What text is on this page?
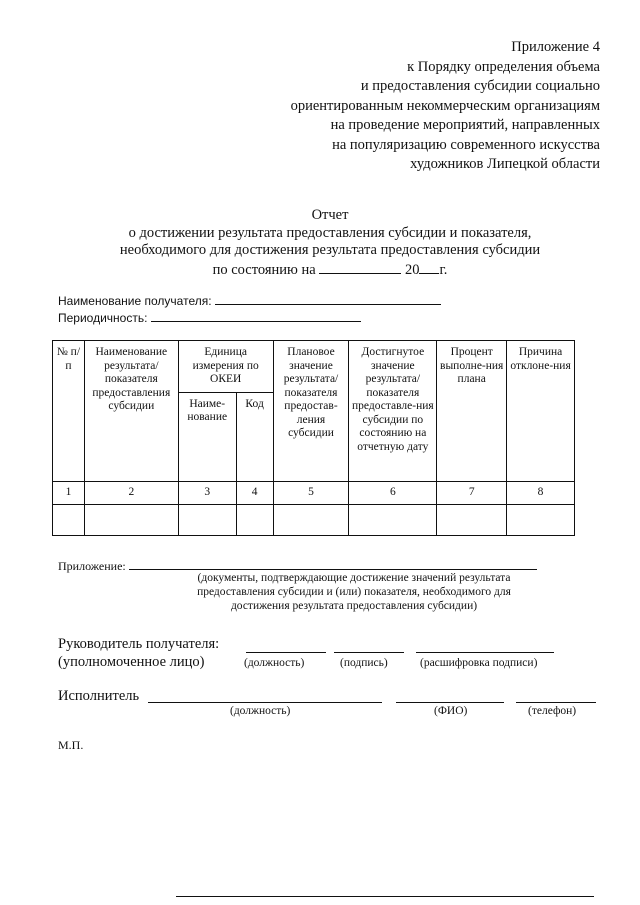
Приложение 4
к Порядку определения объема
и предоставления субсидии социально
ориентированным некоммерческим организациям
на проведение мероприятий, направленных
на популяризацию современного искусства
художников Липецкой области
Отчет
о достижении результата предоставления субсидии и показателя,
необходимого для достижения результата предоставления субсидии
по состоянию на	20 г.
Наименование получателя:
Периодичность:
№ п/п	Наименование результата/ показателя предоставления субсидии	Единица измерения по ОКЕИ		Плановое значение результата/ показателя предостав-ления субсидии	Достигнутое значение результата/ показателя предоставле-ния субсидии по состоянию на отчетную дату	Процент выполне-ния плана	Причина отклоне-ния
		Наиме-нование	Код				
1	2	3	4	5	6	7	8

Приложение:
(документы, подтверждающие достижение значений результата
предоставления субсидии и (или) показателя, необходимого для
достижения результата предоставления субсидии)
Руководитель получателя:
(уполномоченное лицо)	(должность)	(подпись)	(расшифровка подписи)
Исполнитель
(должность)	(ФИО)	(телефон)
М.П.
